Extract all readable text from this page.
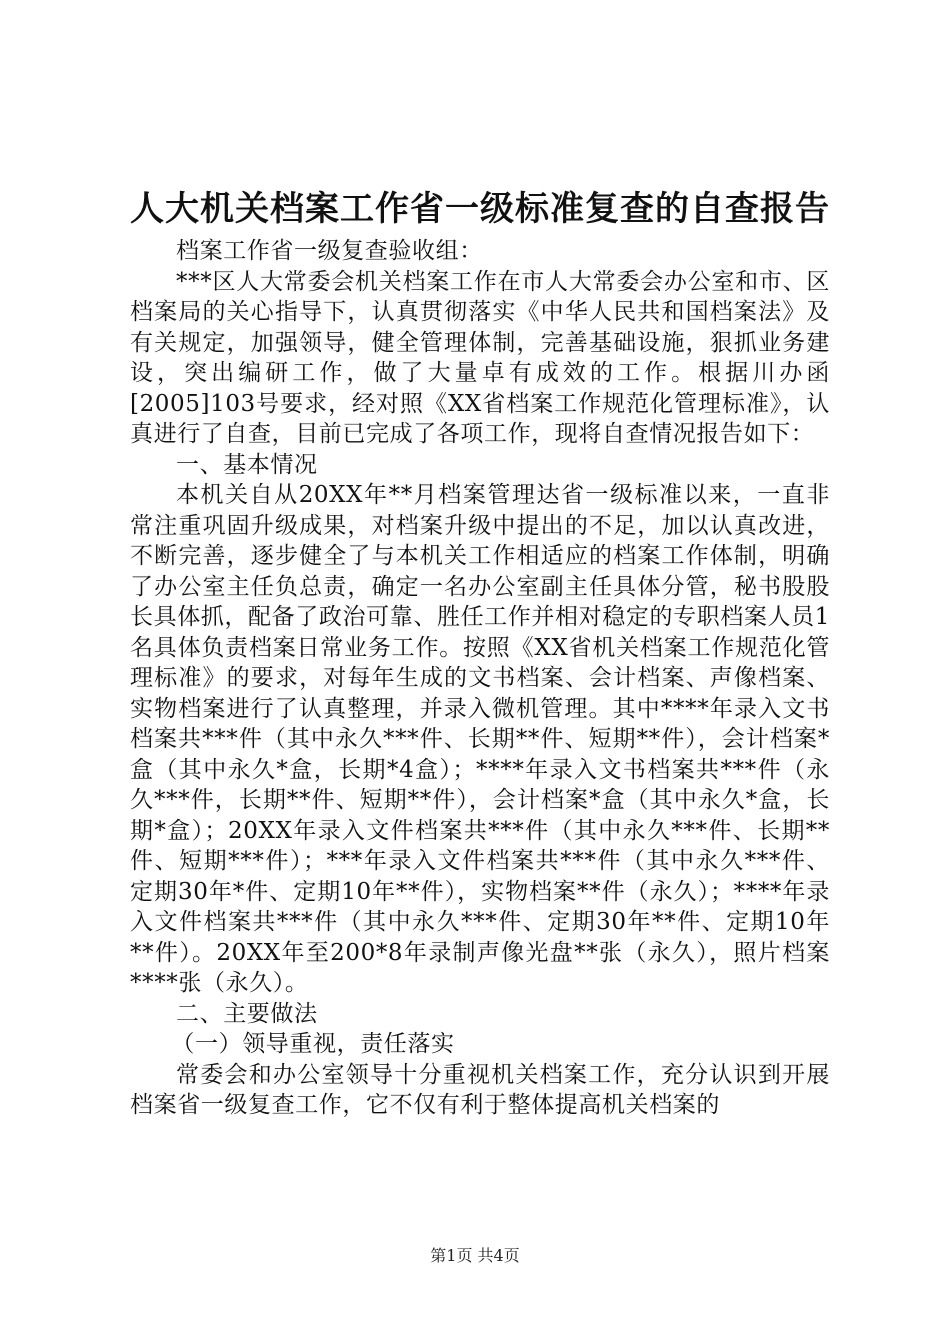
人大机关档案工作省一级标准复查的自查报告

档案工作省一级复查验收组：

***区人大常委会机关档案工作在市人大常委会办公室和市、区档案局的关心指导下，认真贯彻落实《中华人民共和国档案法》及有关规定，加强领导，健全管理体制，完善基础设施，狠抓业务建设，突出编研工作，做了大量卓有成效的工作。根据川办函[2005]103号要求，经对照《XX省档案工作规范化管理标准》，认真进行了自查，目前已完成了各项工作，现将自查情况报告如下：

一、基本情况

本机关自从20XX年**月档案管理达省一级标准以来，一直非常注重巩固升级成果，对档案升级中提出的不足，加以认真改进，不断完善，逐步健全了与本机关工作相适应的档案工作体制，明确了办公室主任负总责，确定一名办公室副主任具体分管，秘书股股长具体抓，配备了政治可靠、胜任工作并相对稳定的专职档案人员1名具体负责档案日常业务工作。按照《XX省机关档案工作规范化管理标准》的要求，对每年生成的文书档案、会计档案、声像档案、实物档案进行了认真整理，并录入微机管理。其中****年录入文书档案共***件（其中永久***件、长期**件、短期**件），会计档案*盒（其中永久*盒，长期*4盒）；****年录入文书档案共***件（永久***件，长期**件、短期**件），会计档案*盒（其中永久*盒，长期*盒）；20XX年录入文件档案共***件（其中永久***件、长期**件、短期***件）；***年录入文件档案共***件（其中永久***件、定期30年*件、定期10年**件），实物档案**件（永久）；****年录入文件档案共***件（其中永久***件、定期30年**件、定期10年**件）。20XX年至200*8年录制声像光盘**张（永久），照片档案****张（永久）。

二、主要做法

（一）领导重视，责任落实

常委会和办公室领导十分重视机关档案工作，充分认识到开展档案省一级复查工作，它不仅有利于整体提高机关档案的

第1页 共4页
